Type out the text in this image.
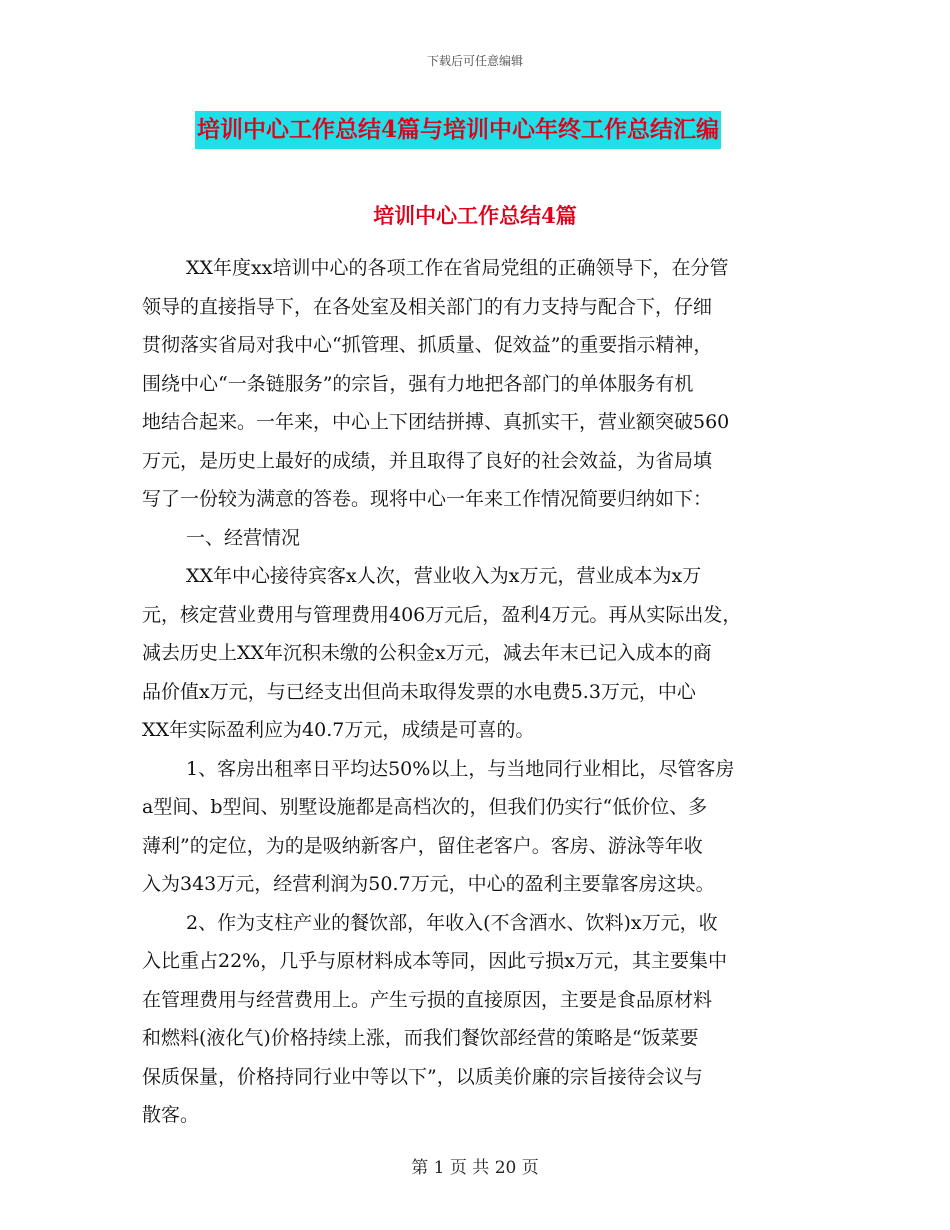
下载后可任意编辑
培训中心工作总结4篇与培训中心年终工作总结汇编
培训中心工作总结4篇
XX年度xx培训中心的各项工作在省局党组的正确领导下，在分管
领导的直接指导下，在各处室及相关部门的有力支持与配合下，仔细
贯彻落实省局对我中心“抓管理、抓质量、促效益”的重要指示精神，
围绕中心“一条链服务”的宗旨，强有力地把各部门的单体服务有机
地结合起来。一年来，中心上下团结拼搏、真抓实干，营业额突破560
万元，是历史上最好的成绩，并且取得了良好的社会效益，为省局填
写了一份较为满意的答卷。现将中心一年来工作情况简要归纳如下：
一、经营情况
XX年中心接待宾客x人次，营业收入为x万元，营业成本为x万
元，核定营业费用与管理费用406万元后，盈利4万元。再从实际出发，
减去历史上XX年沉积未缴的公积金x万元，减去年末已记入成本的商
品价值x万元，与已经支出但尚未取得发票的水电费5.3万元，中心
XX年实际盈利应为40.7万元，成绩是可喜的。
1、客房出租率日平均达50%以上，与当地同行业相比，尽管客房
a型间、b型间、别墅设施都是高档次的，但我们仍实行“低价位、多
薄利”的定位，为的是吸纳新客户，留住老客户。客房、游泳等年收
入为343万元，经营利润为50.7万元，中心的盈利主要靠客房这块。
2、作为支柱产业的餐饮部，年收入(不含酒水、饮料)x万元，收
入比重占22%，几乎与原材料成本等同，因此亏损x万元，其主要集中
在管理费用与经营费用上。产生亏损的直接原因，主要是食品原材料
和燃料(液化气)价格持续上涨，而我们餐饮部经营的策略是“饭菜要
保质保量，价格持同行业中等以下”，以质美价廉的宗旨接待会议与
散客。
第 1 页 共 20 页
